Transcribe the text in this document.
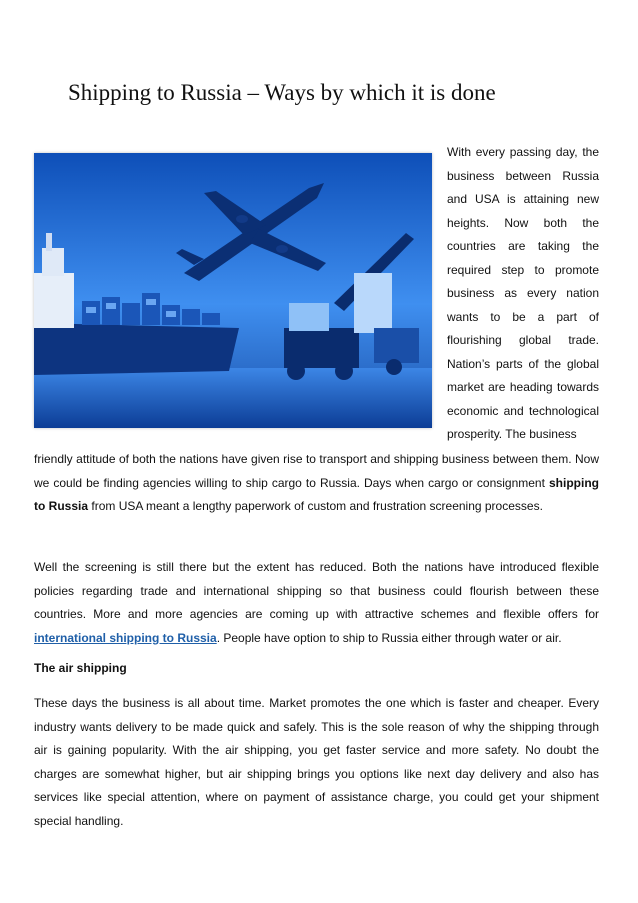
Shipping to Russia – Ways by which it is done

With every passing day, the business between Russia and USA is attaining new heights. Now both the countries are taking the required step to promote business as every nation wants to be a part of flourishing global trade. Nation’s parts of the global market are heading towards economic and technological prosperity. The business

friendly attitude of both the nations have given rise to transport and shipping business between them. Now we could be finding agencies willing to ship cargo to Russia. Days when cargo or consignment shipping to Russia from USA meant a lengthy paperwork of custom and frustration screening processes.

Well the screening is still there but the extent has reduced. Both the nations have introduced flexible policies regarding trade and international shipping so that business could flourish between these countries. More and more agencies are coming up with attractive schemes and flexible offers for international shipping to Russia. People have option to ship to Russia either through water or air.

The air shipping

These days the business is all about time. Market promotes the one which is faster and cheaper. Every industry wants delivery to be made quick and safely. This is the sole reason of why the shipping through air is gaining popularity. With the air shipping, you get faster service and more safety. No doubt the charges are somewhat higher, but air shipping brings you options like next day delivery and also has services like special attention, where on payment of assistance charge, you could get your shipment special handling.
